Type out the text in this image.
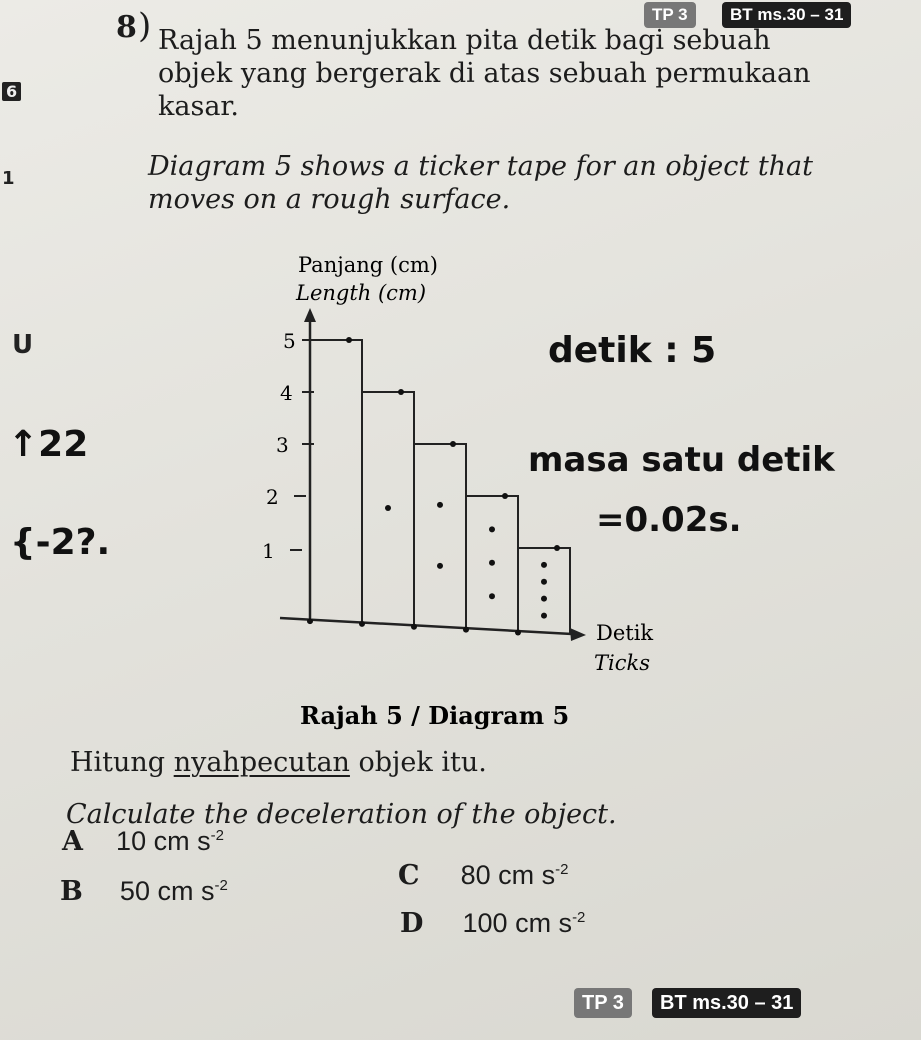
TP 3	BT ms.30 – 31
6
1
U
8 ) Rajah 5 menunjukkan pita detik bagi sebuah
objek yang bergerak di atas sebuah permukaan
kasar.
Diagram 5 shows a ticker tape for an object that
moves on a rough surface.
Panjang (cm)
Length (cm)
5
4
3
2
1
Detik
Ticks
Rajah 5 / Diagram 5
detik : 5
masa satu detik
=0.02s.
↑22
{-2?.
Hitung nyahpecutan objek itu.
Calculate the deceleration of the object.
A 10 cm $s^{-2}$
B 50 cm $s^{-2}$	C 80 cm $s^{-2}$
D 100 cm $s^{-2}$
TP 3	BT ms.30 – 31
